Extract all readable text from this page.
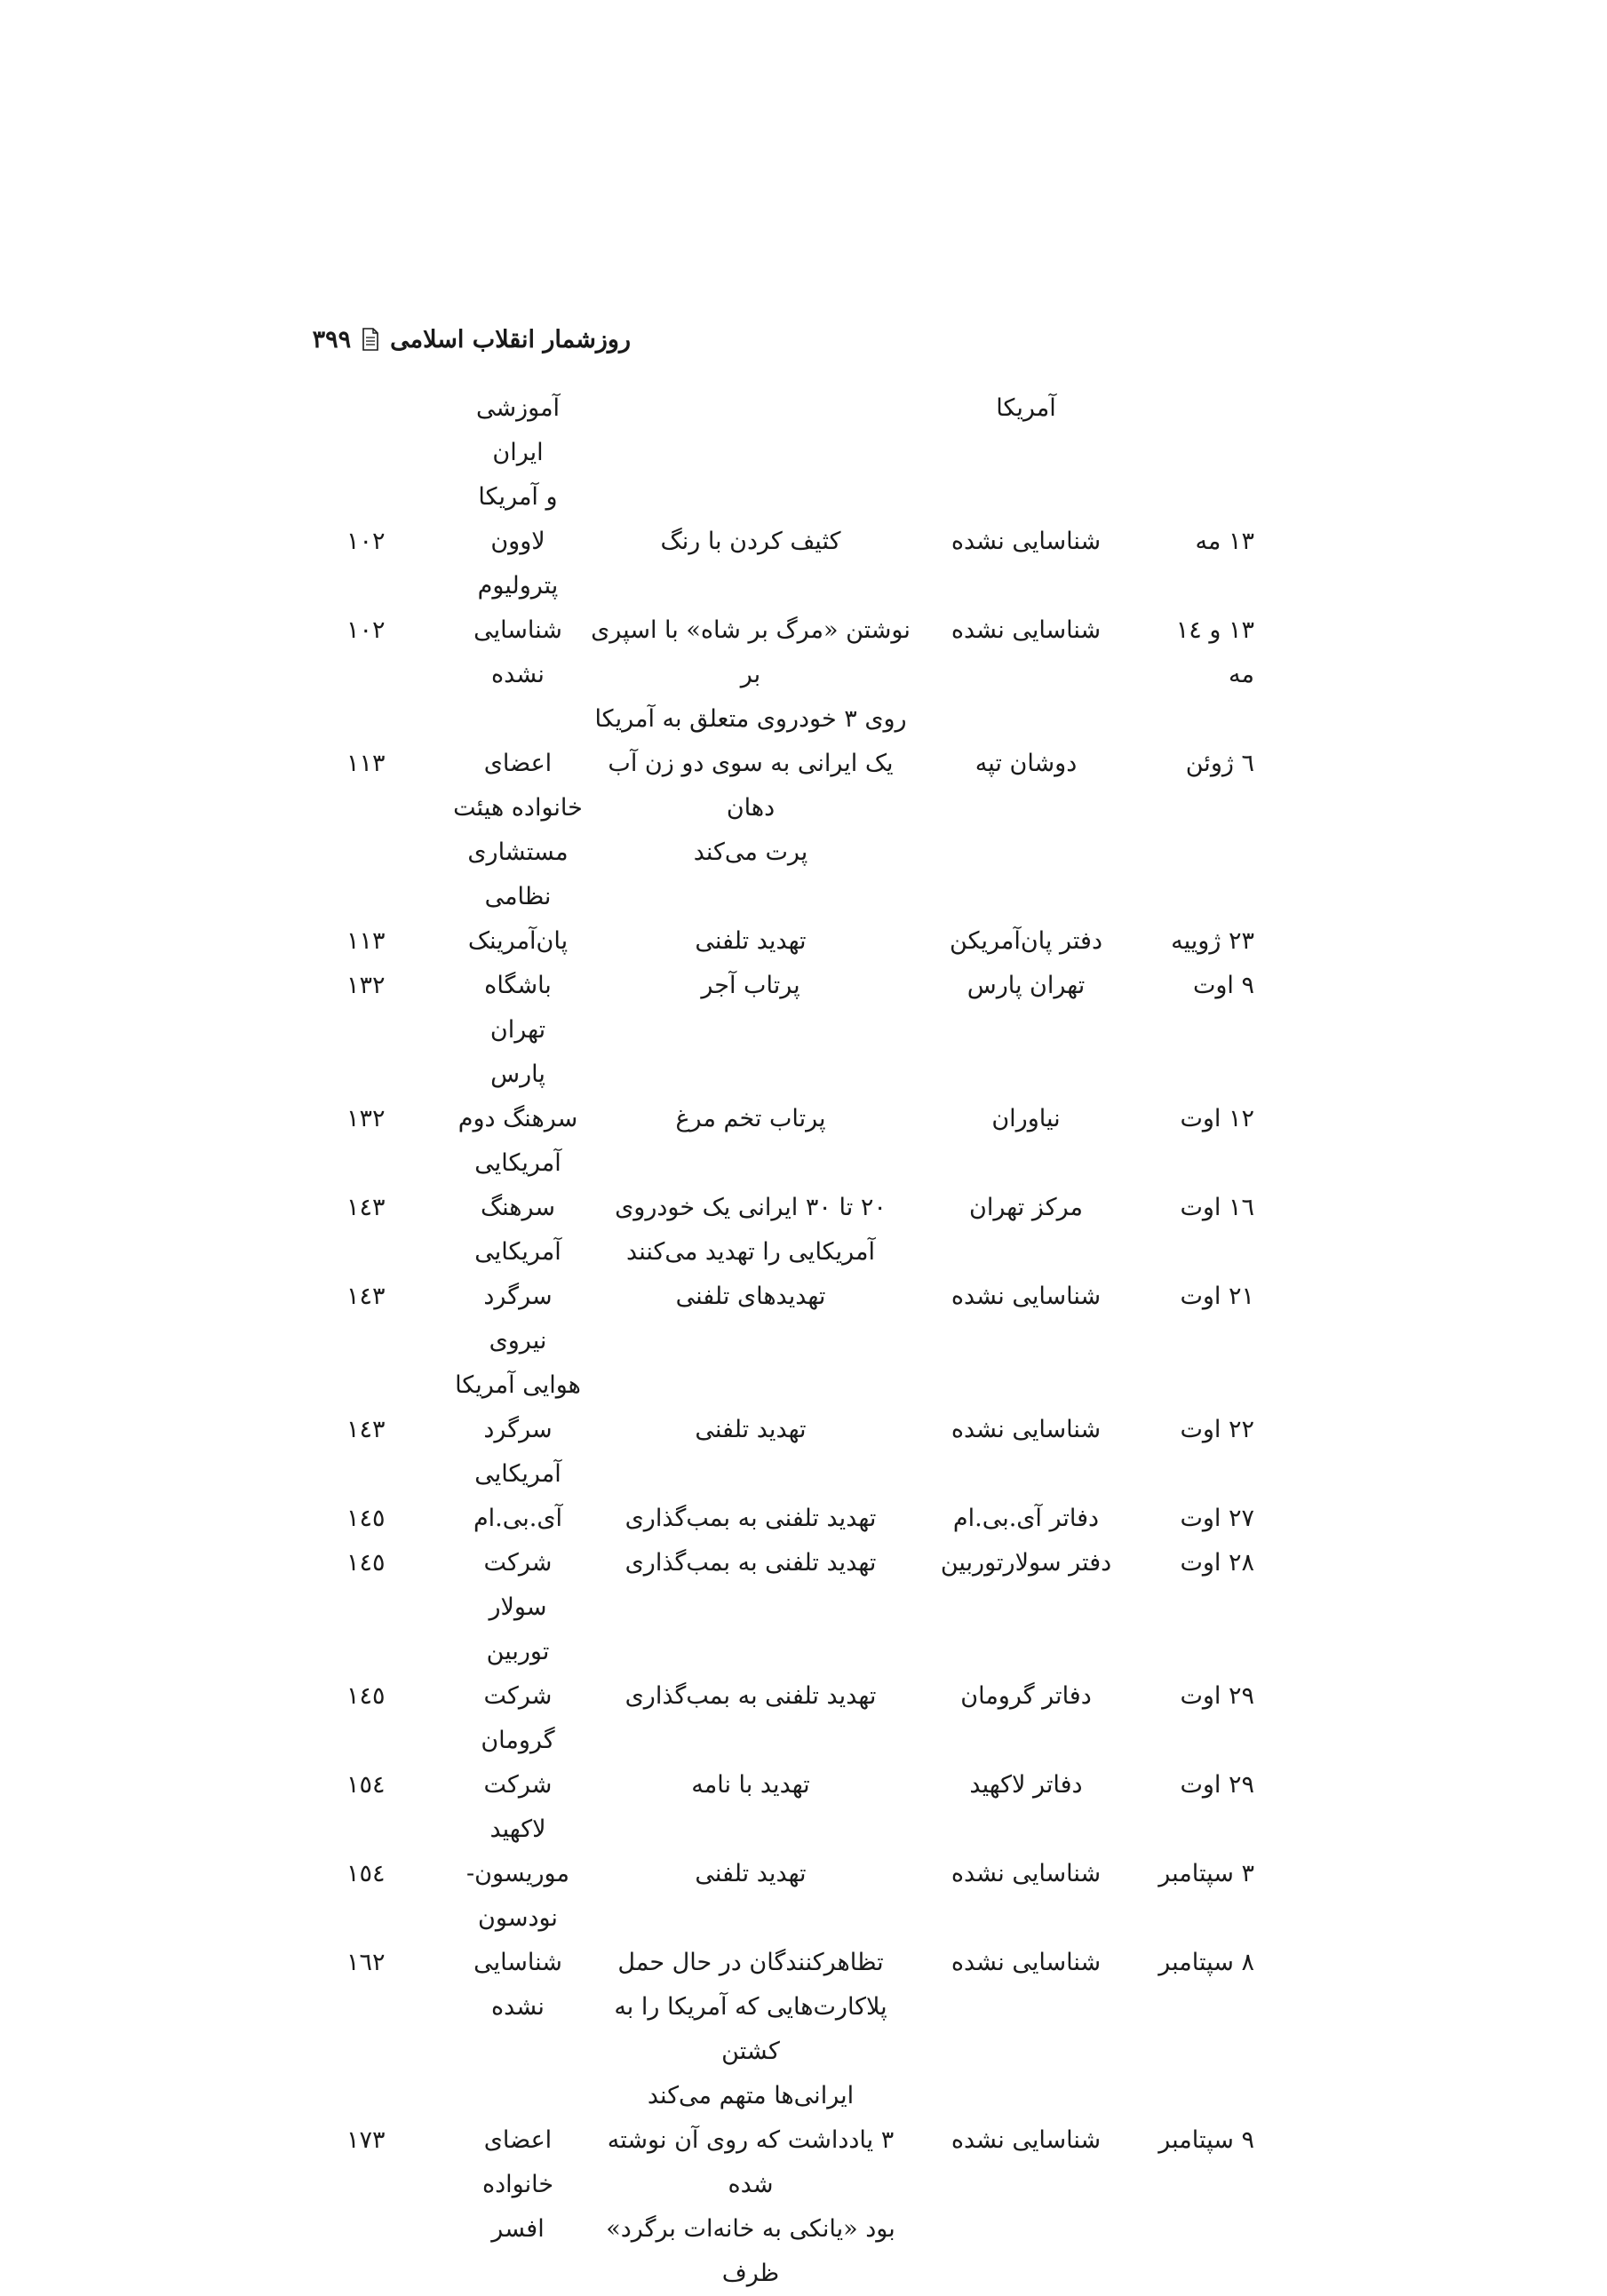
روزشمار انقلاب اسلامی
۳۹۹

آمریکا

آموزشی ایران
و آمریکا

۱۳ مه

شناسایی نشده

کثیف کردن با رنگ

لاوون
پترولیوم

۱۰۲

۱۳ و ١٤
مه

شناسایی نشده

نوشتن «مرگ بر شاه» با اسپری بر
روی ۳ خودروی متعلق به آمریکا

شناسایی
نشده

۱۰۲

٦ ژوئن

دوشان تپه

یک ایرانی به سوی دو زن آب دهان
پرت می‌کند

اعضای
خانواده هیئت
مستشاری
نظامی

۱۱۳

۲۳ ژوییه

دفتر پان‌آمریکن

تهدید تلفنی

پان‌آمرینک

۱۱۳

۹ اوت

تهران پارس

پرتاب آجر

باشگاه تهران
پارس

۱۳۲

۱۲ اوت

نیاوران

پرتاب تخم مرغ

سرهنگ دوم
آمریکایی

۱۳۲

١٦ اوت

مرکز تهران

۲۰ تا ۳۰ ایرانی یک خودروی
آمریکایی را تهدید می‌کنند

سرهنگ
آمریکایی

١٤٣

۲۱ اوت

شناسایی نشده

تهدیدهای تلفنی

سرگرد نیروی
هوایی آمریکا

١٤٣

۲۲ اوت

شناسایی نشده

تهدید تلفنی

سرگرد
آمریکایی

١٤٣

۲۷ اوت

دفاتر آی.بی.ام

تهدید تلفنی به بمب‌گذاری

آی.بی.ام

١٤٥

۲۸ اوت

دفتر سولارتوربین

تهدید تلفنی به بمب‌گذاری

شرکت سولار
توربین

١٤٥

۲۹ اوت

دفاتر گرومان

تهدید تلفنی به بمب‌گذاری

شرکت
گرومان

١٤٥

۲۹ اوت

دفاتر لاکهید

تهدید با نامه

شرکت
لاکهید

١٥٤

۳ سپتامبر

شناسایی نشده

تهدید تلفنی

موریسون-
نودسون

١٥٤

۸ سپتامبر

شناسایی نشده

تظاهرکنندگان در حال حمل
پلاکارت‌هایی که آمریکا را به کشتن
ایرانی‌ها متهم می‌کند

شناسایی
نشده

١٦٢

۹ سپتامبر

شناسایی نشده

۳ یادداشت که روی آن نوشته شده
بود «یانکی به خانه‌ات برگرد» ظرف

اعضای
خانواده افسر

۱۷۳
